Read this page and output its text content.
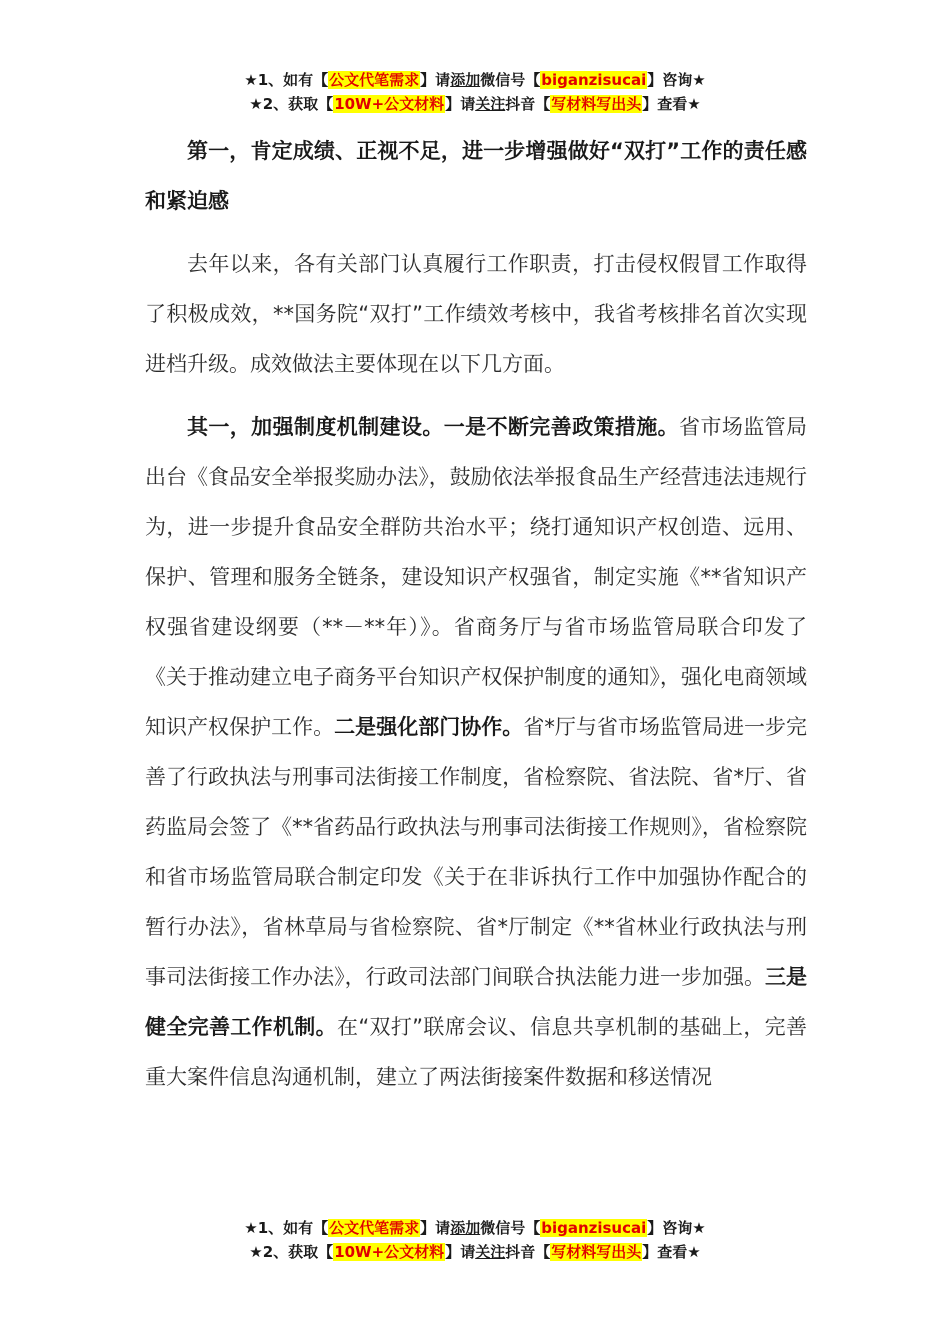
★1、如有【公文代笔需求】请添加微信号【biganzisucai】咨询★
★2、获取【10W+公文材料】请关注抖音【写材料写出头】查看★

第一，肯定成绩、正视不足，进一步增强做好“双打”工作的责任感和紧迫感

去年以来，各有关部门认真履行工作职责，打击侵权假冒工作取得了积极成效，**国务院“双打”工作绩效考核中，我省考核排名首次实现进档升级。成效做法主要体现在以下几方面。

其一，加强制度机制建设。一是不断完善政策措施。省市场监管局出台《食品安全举报奖励办法》，鼓励依法举报食品生产经营违法违规行为，进一步提升食品安全群防共治水平；绕打通知识产权创造、远用、保护、管理和服务全链条，建设知识产权强省，制定实施《**省知识产权强省建设纲要（**－**年）》。省商务厅与省市场监管局联合印发了《关于推动建立电子商务平台知识产权保护制度的通知》，强化电商领域知识产权保护工作。二是强化部门协作。省*厅与省市场监管局进一步完善了行政执法与刑事司法街接工作制度，省检察院、省法院、省*厅、省药监局会签了《**省药品行政执法与刑事司法街接工作规则》，省检察院和省市场监管局联合制定印发《关于在非诉执行工作中加强协作配合的暂行办法》，省林草局与省检察院、省*厅制定《**省林业行政执法与刑事司法街接工作办法》，行政司法部门间联合执法能力进一步加强。三是健全完善工作机制。在“双打”联席会议、信息共享机制的基础上，完善重大案件信息沟通机制，建立了两法街接案件数据和移送情况

★1、如有【公文代笔需求】请添加微信号【biganzisucai】咨询★
★2、获取【10W+公文材料】请关注抖音【写材料写出头】查看★
